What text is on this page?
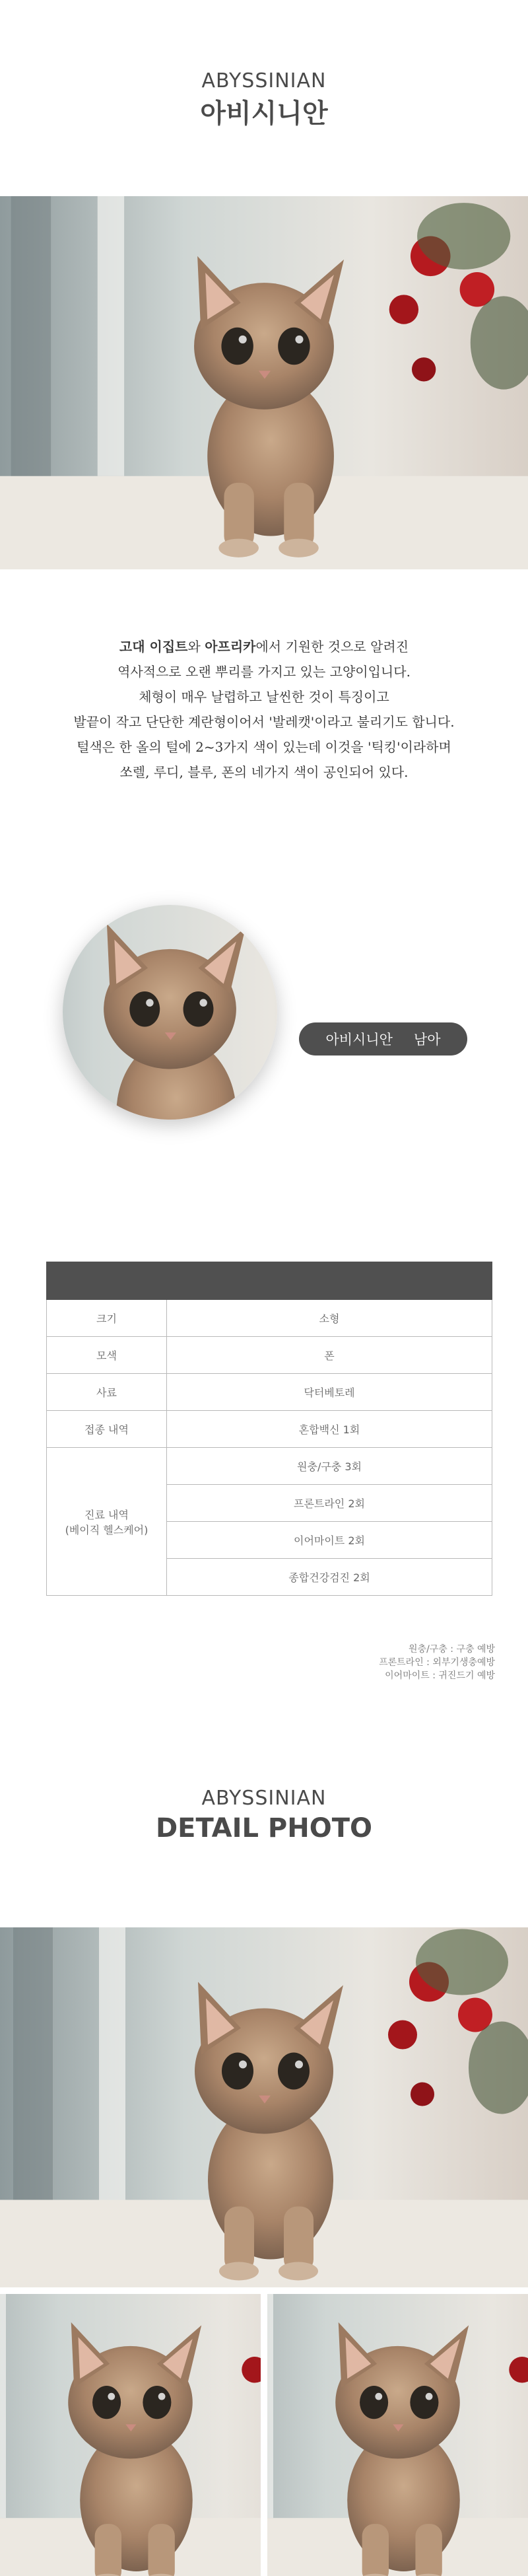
ABYSSINIAN
아비시니안
고대 이집트와 아프리카에서 기원한 것으로 알려진
역사적으로 오랜 뿌리를 가지고 있는 고양이입니다.
체형이 매우 날렵하고 날씬한 것이 특징이고
발끝이 작고 단단한 계란형이어서 '발레캣'이라고 불리기도 합니다.
털색은 한 올의 털에 2~3가지 색이 있는데 이것을 '틱킹'이라하며
쏘렐, 루디, 블루, 폰의 네가지 색이 공인되어 있다.
아비시니안 남아

크기	소형
모색	폰
사료	닥터베토레
접종 내역	혼합백신 1회

진료 내역
(베이직 헬스케어)	원충/구충 3회
	프론트라인 2회
	이어마이트 2회
	종합건강검진 2회
원충/구충 : 구충 예방
프론트라인 : 외부기생충예방
이어마이트 : 귀진드기 예방
ABYSSINIAN
DETAIL PHOTO
